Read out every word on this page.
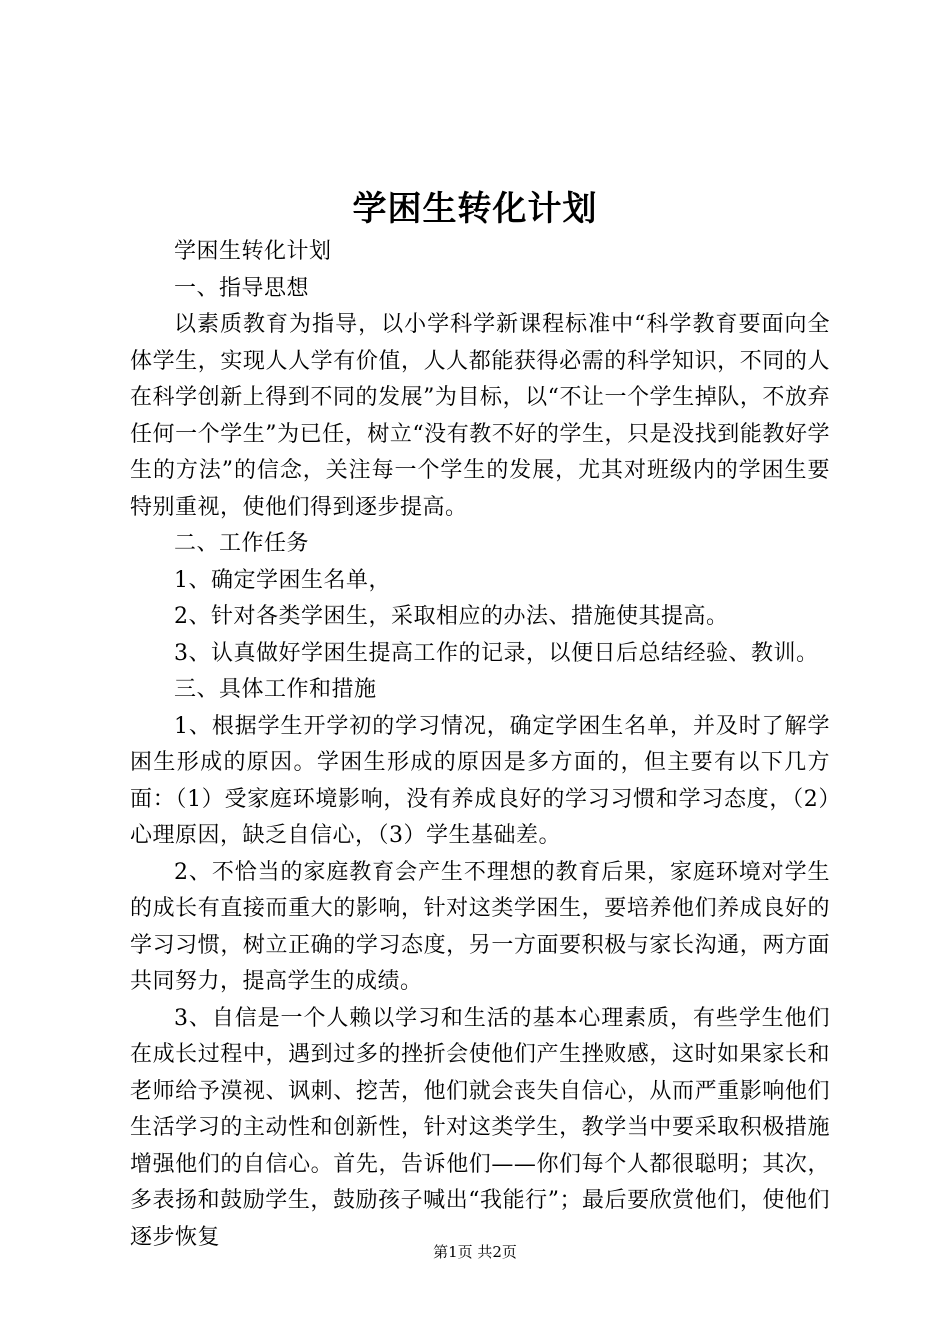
学困生转化计划

学困生转化计划

一、指导思想

以素质教育为指导，以小学科学新课程标准中“科学教育要面向全体学生，实现人人学有价值，人人都能获得必需的科学知识，不同的人在科学创新上得到不同的发展”为目标，以“不让一个学生掉队，不放弃任何一个学生”为已任，树立“没有教不好的学生，只是没找到能教好学生的方法”的信念，关注每一个学生的发展，尤其对班级内的学困生要特别重视，使他们得到逐步提高。

二、工作任务

1、确定学困生名单，

2、针对各类学困生，采取相应的办法、措施使其提高。

3、认真做好学困生提高工作的记录，以便日后总结经验、教训。

三、具体工作和措施

1、根据学生开学初的学习情况，确定学困生名单，并及时了解学困生形成的原因。学困生形成的原因是多方面的，但主要有以下几方面：（1）受家庭环境影响，没有养成良好的学习习惯和学习态度，（2）心理原因，缺乏自信心，（3）学生基础差。

2、不恰当的家庭教育会产生不理想的教育后果，家庭环境对学生的成长有直接而重大的影响，针对这类学困生，要培养他们养成良好的学习习惯，树立正确的学习态度，另一方面要积极与家长沟通，两方面共同努力，提高学生的成绩。

3、自信是一个人赖以学习和生活的基本心理素质，有些学生他们在成长过程中，遇到过多的挫折会使他们产生挫败感，这时如果家长和老师给予漠视、讽刺、挖苦，他们就会丧失自信心，从而严重影响他们生活学习的主动性和创新性，针对这类学生，教学当中要采取积极措施增强他们的自信心。首先，告诉他们——你们每个人都很聪明；其次，多表扬和鼓励学生，鼓励孩子喊出“我能行”；最后要欣赏他们，使他们逐步恢复

第1页 共2页
